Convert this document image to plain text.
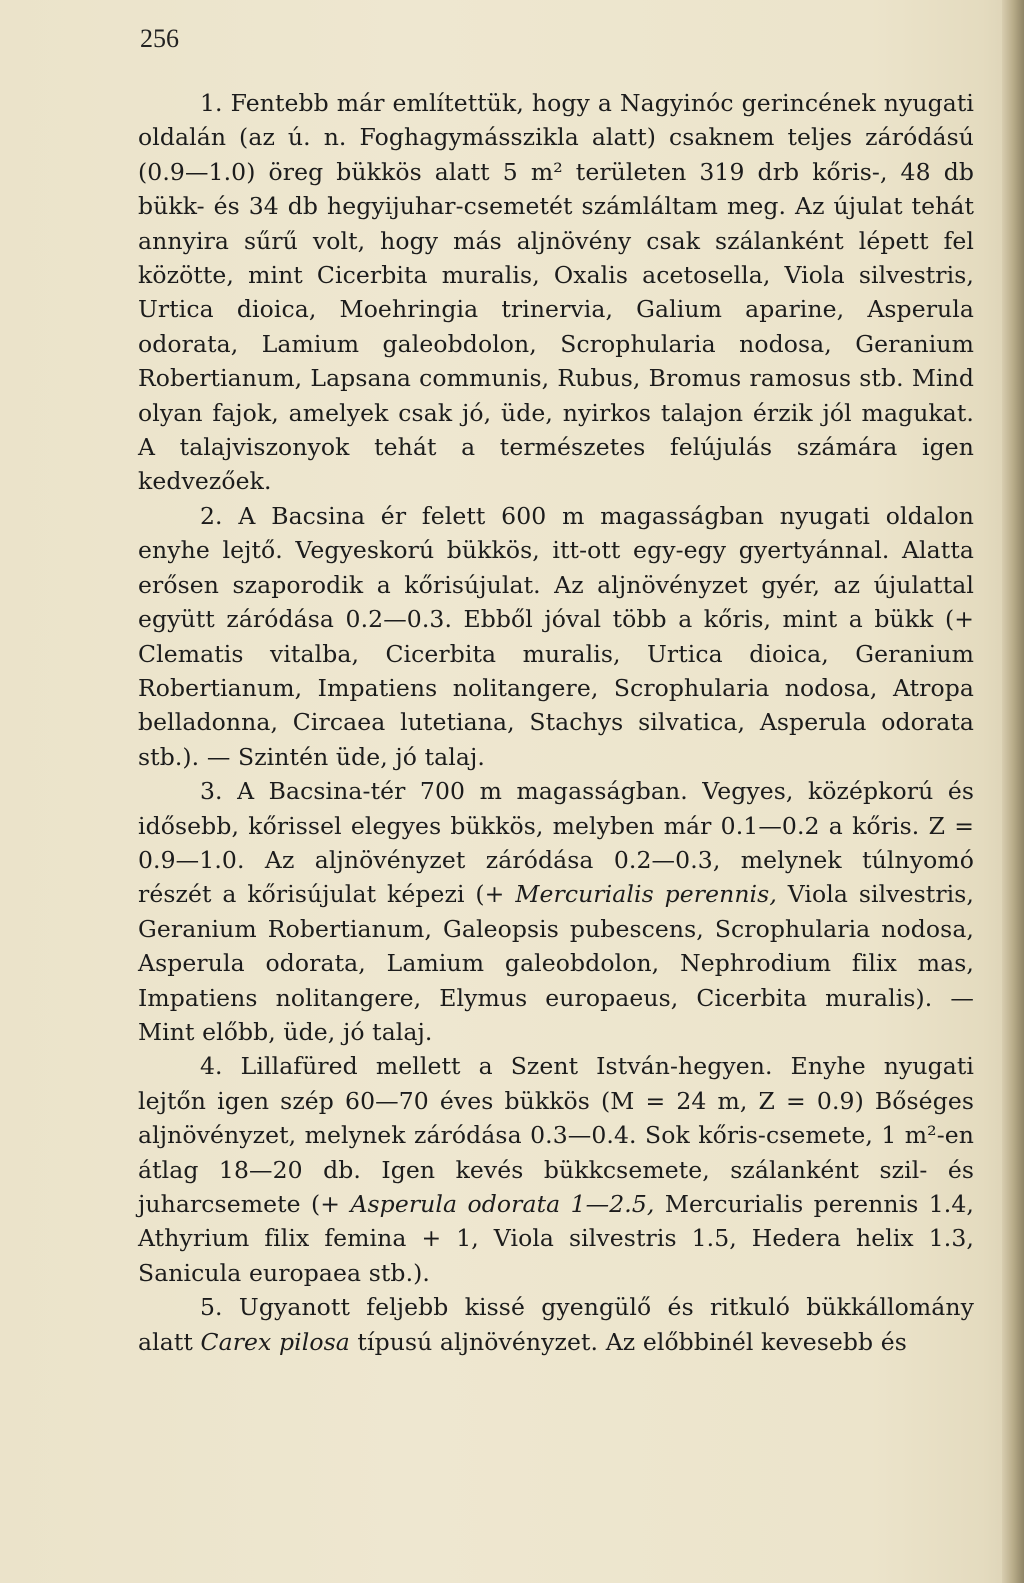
256

1. Fentebb már említettük, hogy a Nagyinóc gerincének nyugati oldalán (az ú. n. Foghagymásszikla alatt) csaknem teljes záródású (0.9—1.0) öreg bükkös alatt 5 m² területen 319 drb kőris-, 48 db bükk- és 34 db hegyijuhar-csemetét számláltam meg. Az újulat tehát annyira sűrű volt, hogy más aljnövény csak szálanként lépett fel közötte, mint Cicerbita muralis, Oxalis acetosella, Viola silvestris, Urtica dioica, Moehringia trinervia, Galium aparine, Asperula odorata, Lamium galeobdolon, Scrophularia nodosa, Geranium Robertianum, Lapsana communis, Rubus, Bromus ramosus stb. Mind olyan fajok, amelyek csak jó, üde, nyirkos talajon érzik jól magukat. A talajviszonyok tehát a természetes felújulás számára igen kedvezőek.

2. A Bacsina ér felett 600 m magasságban nyugati oldalon enyhe lejtő. Vegyeskorú bükkös, itt-ott egy-egy gyertyánnal. Alatta erősen szaporodik a kőrisújulat. Az aljnövényzet gyér, az újulattal együtt záródása 0.2—0.3. Ebből jóval több a kőris, mint a bükk (+ Clematis vitalba, Cicerbita muralis, Urtica dioica, Geranium Robertianum, Impatiens nolitangere, Scrophularia nodosa, Atropa belladonna, Circaea lutetiana, Stachys silvatica, Asperula odorata stb.). — Szintén üde, jó talaj.

3. A Bacsina-tér 700 m magasságban. Vegyes, középkorú és idősebb, kőrissel elegyes bükkös, melyben már 0.1—0.2 a kőris. Z = 0.9—1.0. Az aljnövényzet záródása 0.2—0.3, melynek túlnyomó részét a kőrisújulat képezi (+ Mercurialis perennis, Viola silvestris, Geranium Robertianum, Galeopsis pubescens, Scrophularia nodosa, Asperula odorata, Lamium galeobdolon, Nephrodium filix mas, Impatiens nolitangere, Elymus europaeus, Cicerbita muralis). — Mint előbb, üde, jó talaj.

4. Lillafüred mellett a Szent István-hegyen. Enyhe nyugati lejtőn igen szép 60—70 éves bükkös (M = 24 m, Z = 0.9) Bőséges aljnövényzet, melynek záródása 0.3—0.4. Sok kőris-csemete, 1 m²-en átlag 18—20 db. Igen kevés bükkcsemete, szálanként szil- és juharcsemete (+ Asperula odorata 1—2.5, Mercurialis perennis 1.4, Athyrium filix femina + 1, Viola silvestris 1.5, Hedera helix 1.3, Sanicula europaea stb.).

5. Ugyanott feljebb kissé gyengülő és ritkuló bükkállomány alatt Carex pilosa típusú aljnövényzet. Az előbbinél kevesebb és
